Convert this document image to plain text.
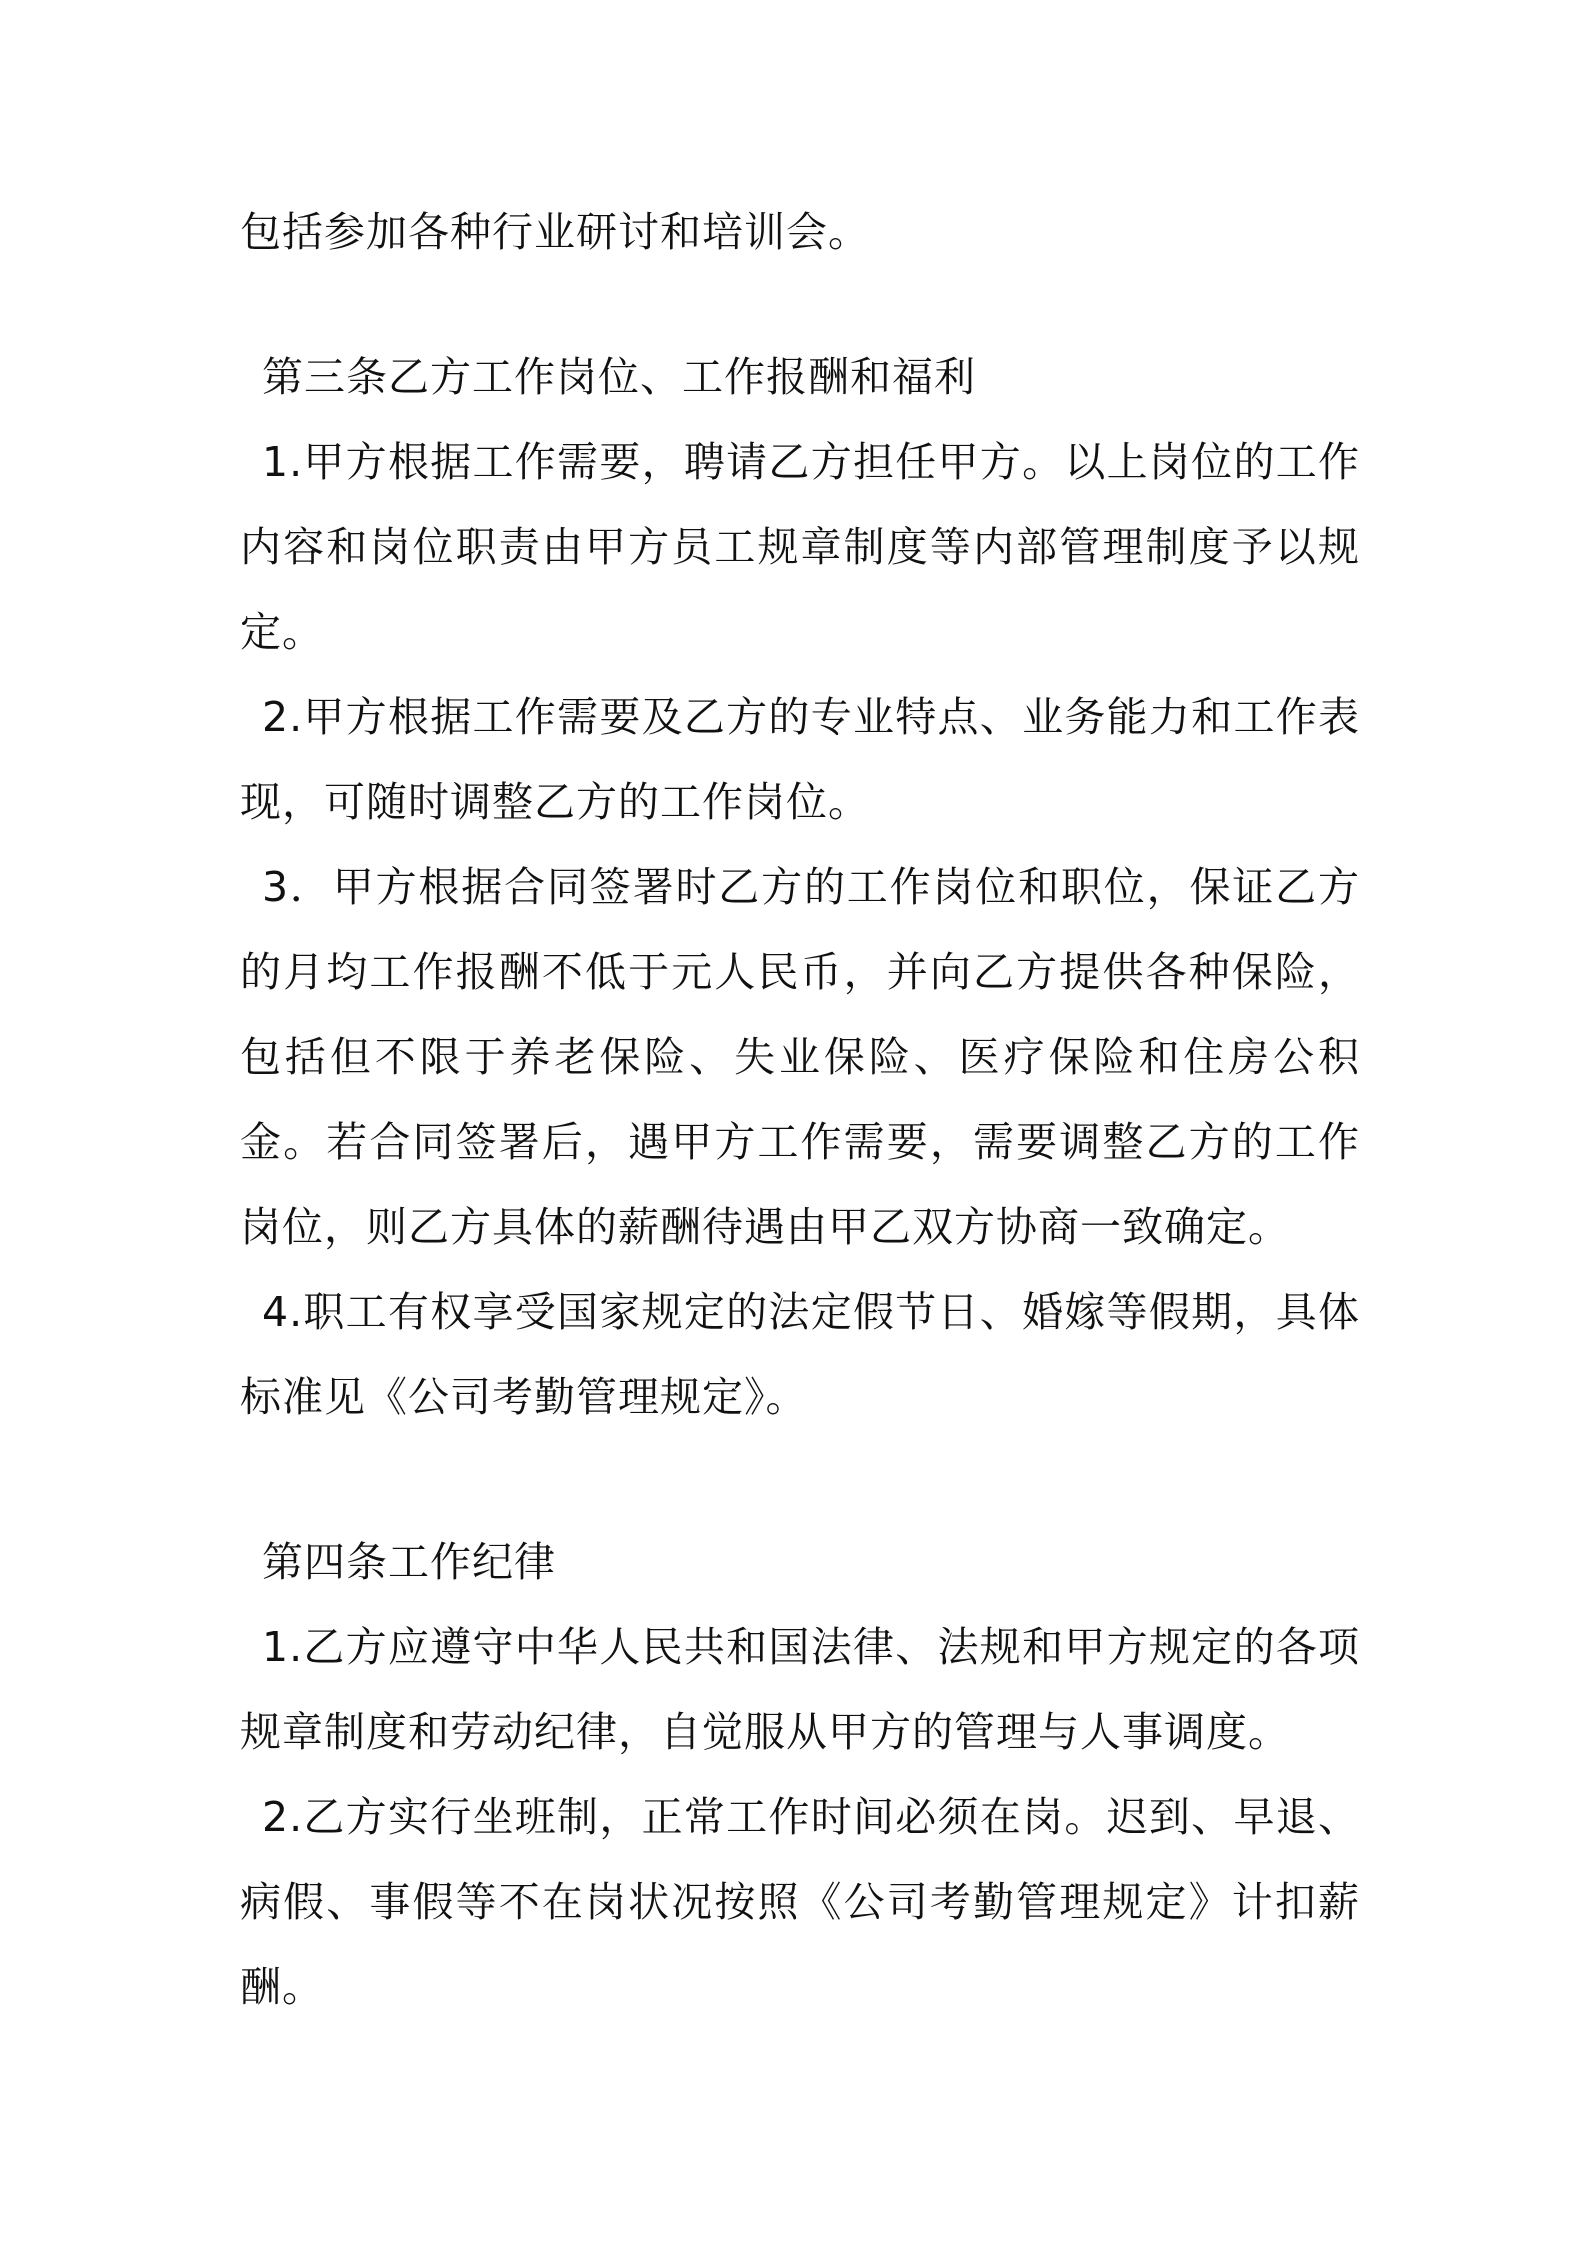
包括参加各种行业研讨和培训会。

第三条乙方工作岗位、工作报酬和福利

1.甲方根据工作需要，聘请乙方担任甲方。以上岗位的工作内容和岗位职责由甲方员工规章制度等内部管理制度予以规定。

2.甲方根据工作需要及乙方的专业特点、业务能力和工作表现，可随时调整乙方的工作岗位。

3．甲方根据合同签署时乙方的工作岗位和职位，保证乙方的月均工作报酬不低于元人民币，并向乙方提供各种保险，包括但不限于养老保险、失业保险、医疗保险和住房公积金。若合同签署后，遇甲方工作需要，需要调整乙方的工作岗位，则乙方具体的薪酬待遇由甲乙双方协商一致确定。

4.职工有权享受国家规定的法定假节日、婚嫁等假期，具体标准见《公司考勤管理规定》。

第四条工作纪律

1.乙方应遵守中华人民共和国法律、法规和甲方规定的各项规章制度和劳动纪律，自觉服从甲方的管理与人事调度。

2.乙方实行坐班制，正常工作时间必须在岗。迟到、早退、病假、事假等不在岗状况按照《公司考勤管理规定》计扣薪酬。
